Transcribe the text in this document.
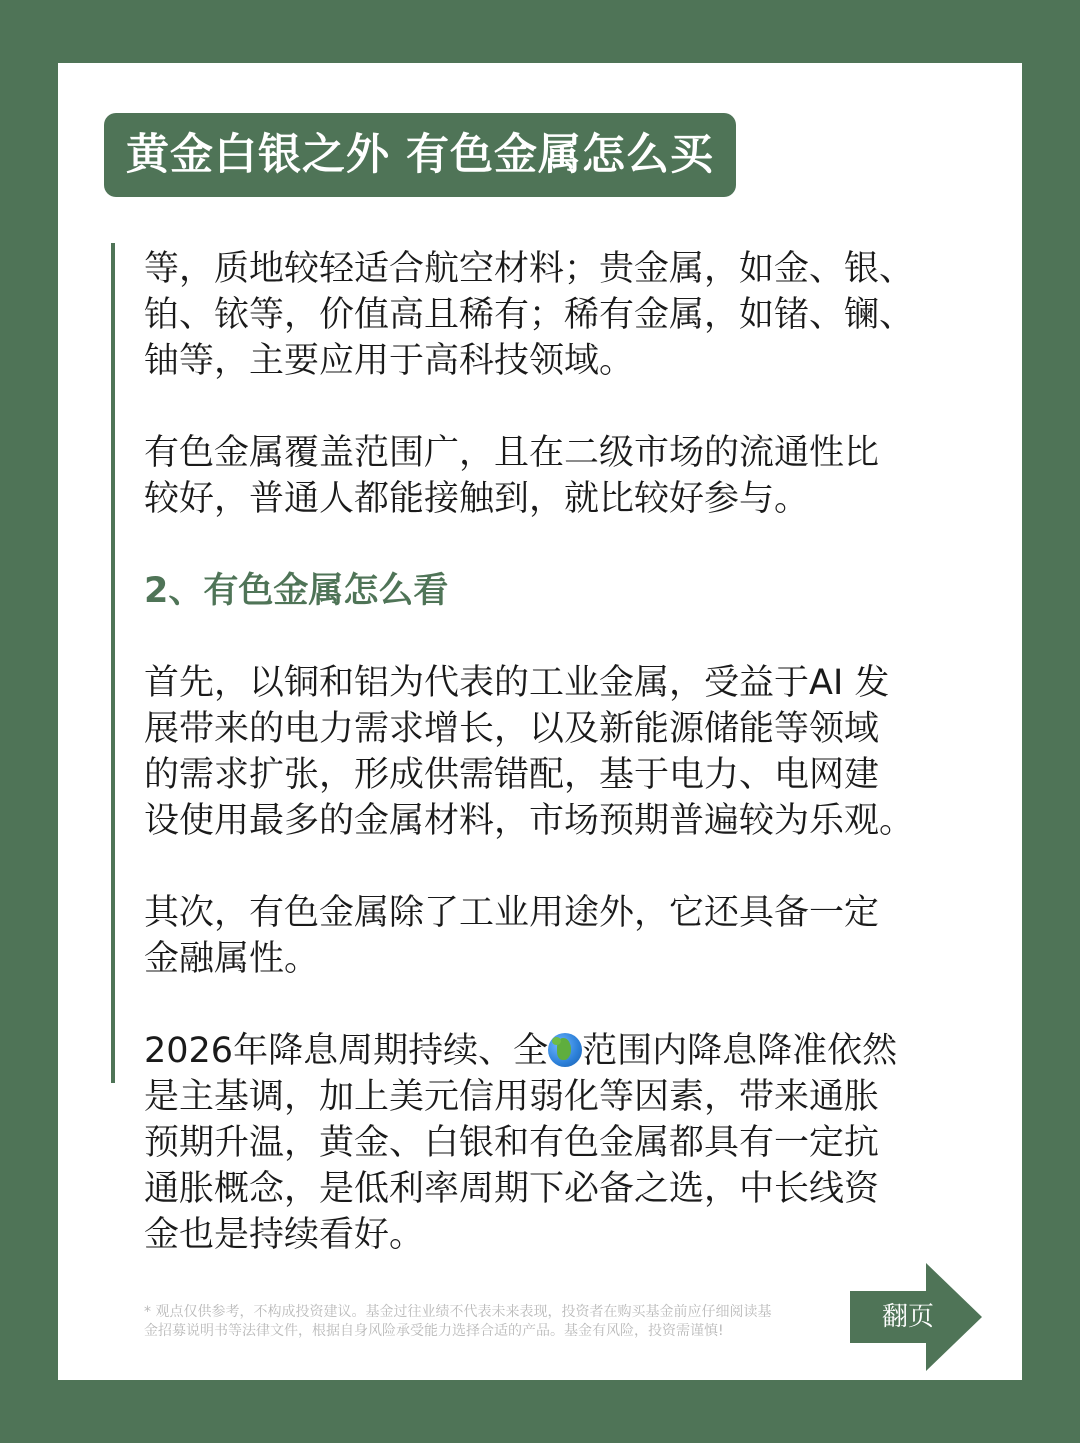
黄金白银之外 有色金属怎么买

等，质地较轻适合航空材料；贵金属，如金、银、

铂、铱等，价值高且稀有；稀有金属，如锗、镧、

铀等，主要应用于高科技领域。

有色金属覆盖范围广，且在二级市场的流通性比

较好，普通人都能接触到，就比较好参与。

2、有色金属怎么看

首先，以铜和铝为代表的工业金属，受益于AI 发

展带来的电力需求增长，以及新能源储能等领域

的需求扩张，形成供需错配，基于电力、电网建

设使用最多的金属材料，市场预期普遍较为乐观。

其次，有色金属除了工业用途外，它还具备一定

金融属性。

2026年降息周期持续、全 范围内降息降准依然

是主基调，加上美元信用弱化等因素，带来通胀

预期升温，黄金、白银和有色金属都具有一定抗

通胀概念，是低利率周期下必备之选，中长线资

金也是持续看好。

* 观点仅供参考，不构成投资建议。基金过往业绩不代表未来表现，投资者在购买基金前应仔细阅读基
金招募说明书等法律文件，根据自身风险承受能力选择合适的产品。基金有风险，投资需谨慎!	翻页
